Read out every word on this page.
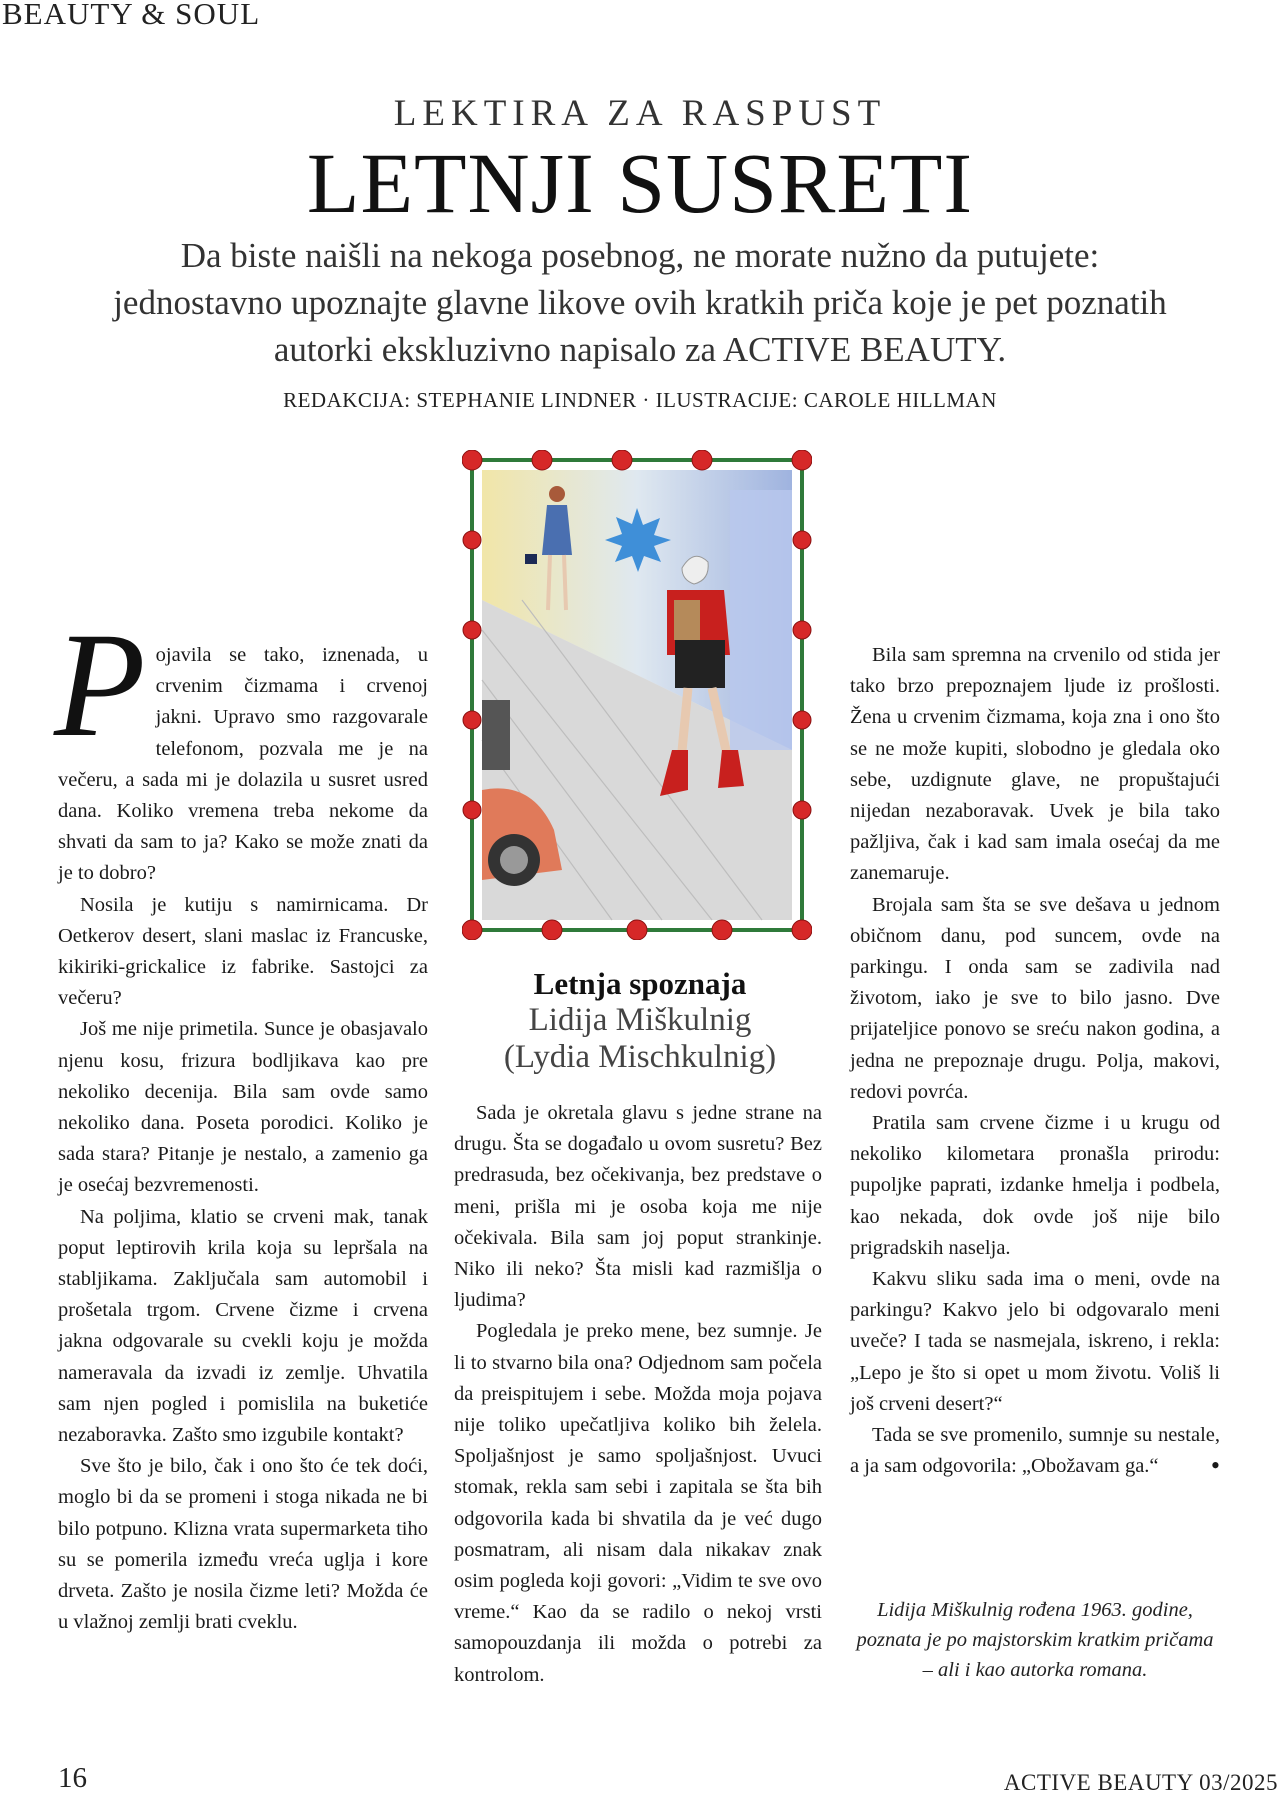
BEAUTY & SOUL
LEKTIRA ZA RASPUST
LETNJI SUSRETI
Da biste naišli na nekoga posebnog, ne morate nužno da putujete: jednostavno upoznajte glavne likove ovih kratkih priča koje je pet poznatih autorki ekskluzivno napisalo za ACTIVE BEAUTY.
REDAKCIJA: STEPHANIE LINDNER · ILUSTRACIJE: CAROLE HILLMAN

Pojavila se tako, iznenada, u crvenim čizmama i crvenoj jakni. Upravo smo razgovarale telefonom, pozvala me je na večeru, a sada mi je dolazila u susret usred dana. Koliko vremena treba nekome da shvati da sam to ja? Kako se može znati da je to dobro?

Nosila je kutiju s namirnicama. Dr Oetkerov desert, slani maslac iz Francuske, kikiriki-grickalice iz fabrike. Sastojci za večeru?

Još me nije primetila. Sunce je obasjavalo njenu kosu, frizura bodljikava kao pre nekoliko decenija. Bila sam ovde samo nekoliko dana. Poseta porodici. Koliko je sada stara? Pitanje je nestalo, a zamenio ga je osećaj bezvremenosti.

Na poljima, klatio se crveni mak, tanak poput leptirovih krila koja su lepršala na stabljikama. Zaključala sam automobil i prošetala trgom. Crvene čizme i crvena jakna odgovarale su cvekli koju je možda nameravala da izvadi iz zemlje. Uhvatila sam njen pogled i pomislila na buketiće nezaboravka. Zašto smo izgubile kontakt?

Sve što je bilo, čak i ono što će tek doći, moglo bi da se promeni i stoga nikada ne bi bilo potpuno. Klizna vrata supermarketa tiho su se pomerila između vreća uglja i kore drveta. Zašto je nosila čizme leti? Možda će u vlažnoj zemlji brati cveklu.

Letnja spoznaja
Lidija Miškulnig
(Lydia Mischkulnig)

Sada je okretala glavu s jedne strane na drugu. Šta se događalo u ovom susretu? Bez predrasuda, bez očekivanja, bez predstave o meni, prišla mi je osoba koja me nije očekivala. Bila sam joj poput strankinje. Niko ili neko? Šta misli kad razmišlja o ljudima?

Pogledala je preko mene, bez sumnje. Je li to stvarno bila ona? Odjednom sam počela da preispitujem i sebe. Možda moja pojava nije toliko upečatljiva koliko bih želela. Spoljašnjost je samo spoljašnjost. Uvuci stomak, rekla sam sebi i zapitala se šta bih odgovorila kada bi shvatila da je već dugo posmatram, ali nisam dala nikakav znak osim pogleda koji govori: „Vidim te sve ovo vreme.“ Kao da se radilo o nekoj vrsti samopouzdanja ili možda o potrebi za kontrolom.

Bila sam spremna na crvenilo od stida jer tako brzo prepoznajem ljude iz prošlosti. Žena u crvenim čizmama, koja zna i ono što se ne može kupiti, slobodno je gledala oko sebe, uzdignute glave, ne propuštajući nijedan nezaboravak. Uvek je bila tako pažljiva, čak i kad sam imala osećaj da me zanemaruje.

Brojala sam šta se sve dešava u jednom običnom danu, pod suncem, ovde na parkingu. I onda sam se zadivila nad životom, iako je sve to bilo jasno. Dve prijateljice ponovo se sreću nakon godina, a jedna ne prepoznaje drugu. Polja, makovi, redovi povrća.

Pratila sam crvene čizme i u krugu od nekoliko kilometara pronašla prirodu: pupoljke paprati, izdanke hmelja i podbela, kao nekada, dok ovde još nije bilo prigradskih naselja.

Kakvu sliku sada ima o meni, ovde na parkingu? Kakvo jelo bi odgovaralo meni uveče? I tada se nasmejala, iskreno, i rekla: „Lepo je što si opet u mom životu. Voliš li još crveni desert?“

Tada se sve promenilo, sumnje su nestale, a ja sam odgovorila: „Obožavam ga.“	•

Lidija Miškulnig rođena 1963. godine, poznata je po majstorskim kratkim pričama – ali i kao autorka romana.
16	ACTIVE BEAUTY 03/2025
